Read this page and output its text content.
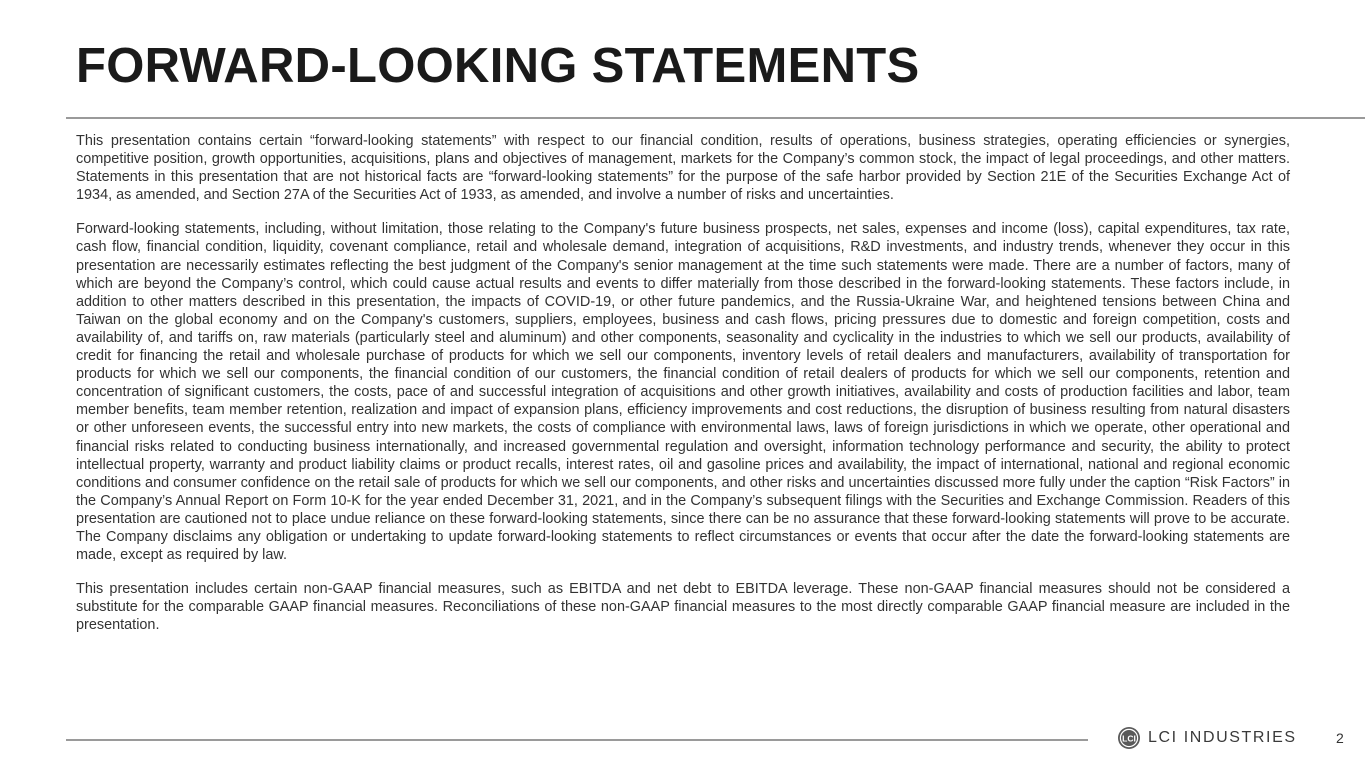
FORWARD-LOOKING STATEMENTS

This presentation contains certain “forward-looking statements” with respect to our financial condition, results of operations, business strategies, operating efficiencies or synergies, competitive position, growth opportunities, acquisitions, plans and objectives of management, markets for the Company’s common stock, the impact of legal proceedings, and other matters. Statements in this presentation that are not historical facts are “forward-looking statements” for the purpose of the safe harbor provided by Section 21E of the Securities Exchange Act of 1934, as amended, and Section 27A of the Securities Act of 1933, as amended, and involve a number of risks and uncertainties.

Forward-looking statements, including, without limitation, those relating to the Company's future business prospects, net sales, expenses and income (loss), capital expenditures, tax rate, cash flow, financial condition, liquidity, covenant compliance, retail and wholesale demand, integration of acquisitions, R&D investments, and industry trends, whenever they occur in this presentation are necessarily estimates reflecting the best judgment of the Company's senior management at the time such statements were made. There are a number of factors, many of which are beyond the Company’s control, which could cause actual results and events to differ materially from those described in the forward-looking statements. These factors include, in addition to other matters described in this presentation, the impacts of COVID-19, or other future pandemics, and the Russia-Ukraine War, and heightened tensions between China and Taiwan on the global economy and on the Company's customers, suppliers, employees, business and cash flows, pricing pressures due to domestic and foreign competition, costs and availability of, and tariffs on, raw materials (particularly steel and aluminum) and other components, seasonality and cyclicality in the industries to which we sell our products, availability of credit for financing the retail and wholesale purchase of products for which we sell our components, inventory levels of retail dealers and manufacturers, availability of transportation for products for which we sell our components, the financial condition of our customers, the financial condition of retail dealers of products for which we sell our components, retention and concentration of significant customers, the costs, pace of and successful integration of acquisitions and other growth initiatives, availability and costs of production facilities and labor, team member benefits, team member retention, realization and impact of expansion plans, efficiency improvements and cost reductions, the disruption of business resulting from natural disasters or other unforeseen events, the successful entry into new markets, the costs of compliance with environmental laws, laws of foreign jurisdictions in which we operate, other operational and financial risks related to conducting business internationally, and increased governmental regulation and oversight, information technology performance and security, the ability to protect intellectual property, warranty and product liability claims or product recalls, interest rates, oil and gasoline prices and availability, the impact of international, national and regional economic conditions and consumer confidence on the retail sale of products for which we sell our components, and other risks and uncertainties discussed more fully under the caption “Risk Factors” in the Company’s Annual Report on Form 10-K for the year ended December 31, 2021, and in the Company’s subsequent filings with the Securities and Exchange Commission. Readers of this presentation are cautioned not to place undue reliance on these forward-looking statements, since there can be no assurance that these forward-looking statements will prove to be accurate. The Company disclaims any obligation or undertaking to update forward-looking statements to reflect circumstances or events that occur after the date the forward-looking statements are made, except as required by law.

This presentation includes certain non-GAAP financial measures, such as EBITDA and net debt to EBITDA leverage. These non-GAAP financial measures should not be considered a substitute for the comparable GAAP financial measures. Reconciliations of these non-GAAP financial measures to the most directly comparable GAAP financial measure are included in the presentation.

LCI LCI INDUSTRIES	2
